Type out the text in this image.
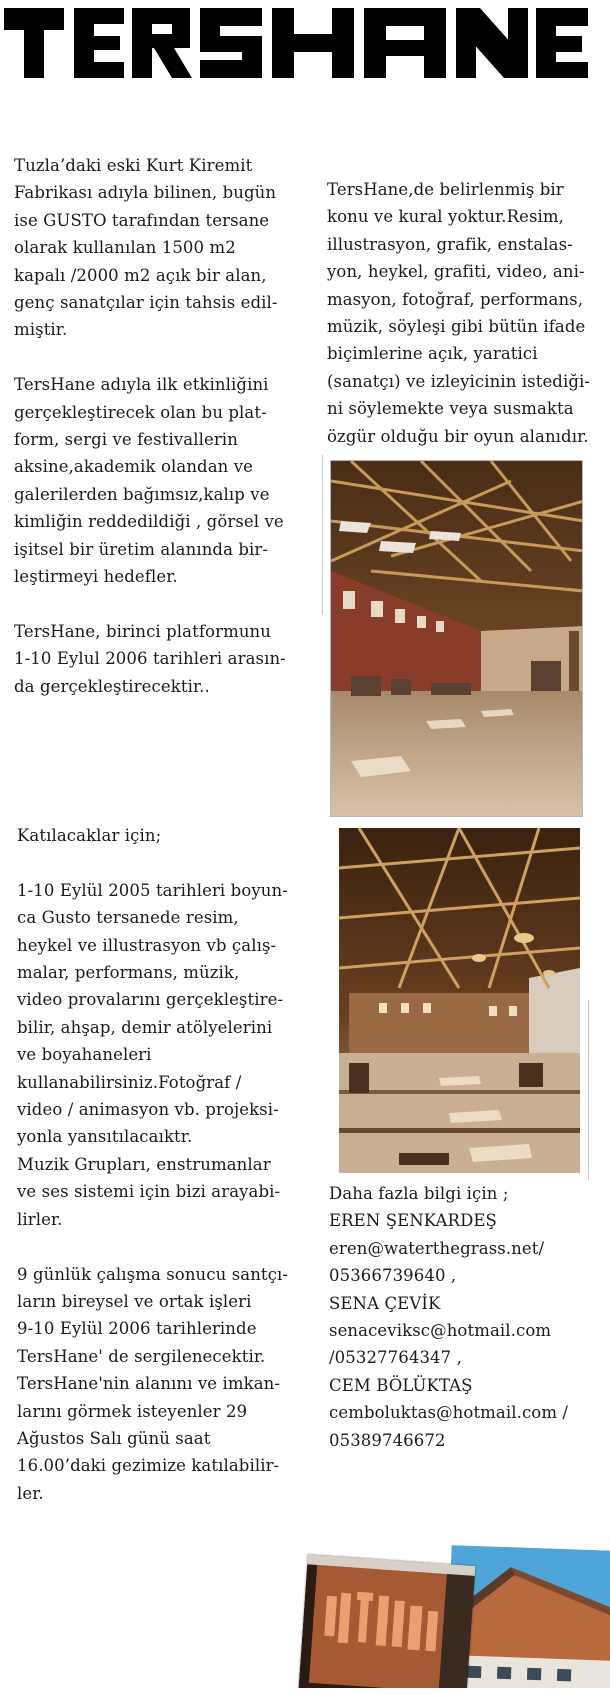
Tuzla’daki eski Kurt Kiremit
Fabrikası adıyla bilinen, bugün
ise GUSTO tarafından tersane
olarak kullanılan 1500 m2
kapalı /2000 m2 açık bir alan,
genç sanatçılar için tahsis edil-
miştir.

TersHane adıyla ilk etkinliğini
gerçekleştirecek olan bu plat-
form, sergi ve festivallerin
aksine,akademik olandan ve
galerilerden bağımsız,kalıp ve
kimliğin reddedildiği , görsel ve
işitsel bir üretim alanında bir-
leştirmeyi hedefler.

TersHane, birinci platformunu
1-10 Eylul 2006 tarihleri arasın-
da gerçekleştirecektir..
TersHane,de belirlenmiş bir
konu ve kural yoktur.Resim,
illustrasyon, grafik, enstalas-
yon, heykel, grafiti, video, ani-
masyon, fotoğraf, performans,
müzik, söyleşi gibi bütün ifade
biçimlerine açık, yaratici
(sanatçı) ve izleyicinin istediği-
ni söylemekte veya susmakta
özgür olduğu bir oyun alanıdır.
Katılacaklar için;

1-10 Eylül 2005 tarihleri boyun-
ca Gusto tersanede resim,
heykel ve illustrasyon vb çalış-
malar, performans, müzik,
video provalarını gerçekleştire-
bilir, ahşap, demir atölyelerini
ve boyahaneleri
kullanabilirsiniz.Fotoğraf /
video / animasyon vb. projeksi-
yonla yansıtılacaıktr.
Muzik Grupları, enstrumanlar
ve ses sistemi için bizi arayabi-
lirler.

9 günlük çalışma sonucu santçı-
ların bireysel ve ortak işleri
9-10 Eylül 2006 tarihlerinde
TersHane' de sergilenecektir.
TersHane'nin alanını ve imkan-
larını görmek isteyenler 29
Ağustos Salı günü saat
16.00’daki gezimize katılabilir-
ler.
Daha fazla bilgi için ;
EREN ŞENKARDEŞ
eren@waterthegrass.net/
05366739640 ,
SENA ÇEVİK
senaceviksc@hotmail.com
/05327764347 ,
CEM BÖLÜKTAŞ
cemboluktas@hotmail.com /
05389746672
